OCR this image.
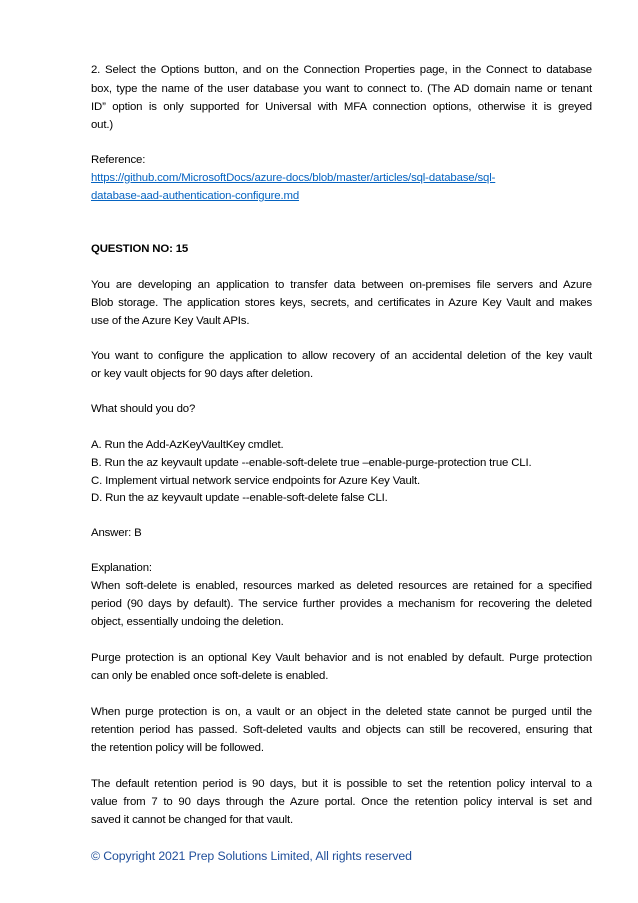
2. Select the Options button, and on the Connection Properties page, in the Connect to database
box, type the name of the user database you want to connect to. (The AD domain name or tenant
ID” option is only supported for Universal with MFA connection options, otherwise it is greyed
out.)
Reference:
https://github.com/MicrosoftDocs/azure-docs/blob/master/articles/sql-database/sql-
database-aad-authentication-configure.md
QUESTION NO: 15
You are developing an application to transfer data between on-premises file servers and Azure
Blob storage. The application stores keys, secrets, and certificates in Azure Key Vault and makes
use of the Azure Key Vault APIs.
You want to configure the application to allow recovery of an accidental deletion of the key vault
or key vault objects for 90 days after deletion.
What should you do?
A. Run the Add-AzKeyVaultKey cmdlet.
B. Run the az keyvault update --enable-soft-delete true –enable-purge-protection true CLI.
C. Implement virtual network service endpoints for Azure Key Vault.
D. Run the az keyvault update --enable-soft-delete false CLI.
Answer: B
Explanation:
When soft-delete is enabled, resources marked as deleted resources are retained for a specified
period (90 days by default). The service further provides a mechanism for recovering the deleted
object, essentially undoing the deletion.
Purge protection is an optional Key Vault behavior and is not enabled by default. Purge protection
can only be enabled once soft-delete is enabled.
When purge protection is on, a vault or an object in the deleted state cannot be purged until the
retention period has passed. Soft-deleted vaults and objects can still be recovered, ensuring that
the retention policy will be followed.
The default retention period is 90 days, but it is possible to set the retention policy interval to a
value from 7 to 90 days through the Azure portal. Once the retention policy interval is set and
saved it cannot be changed for that vault.
© Copyright 2021 Prep Solutions Limited, All rights reserved
